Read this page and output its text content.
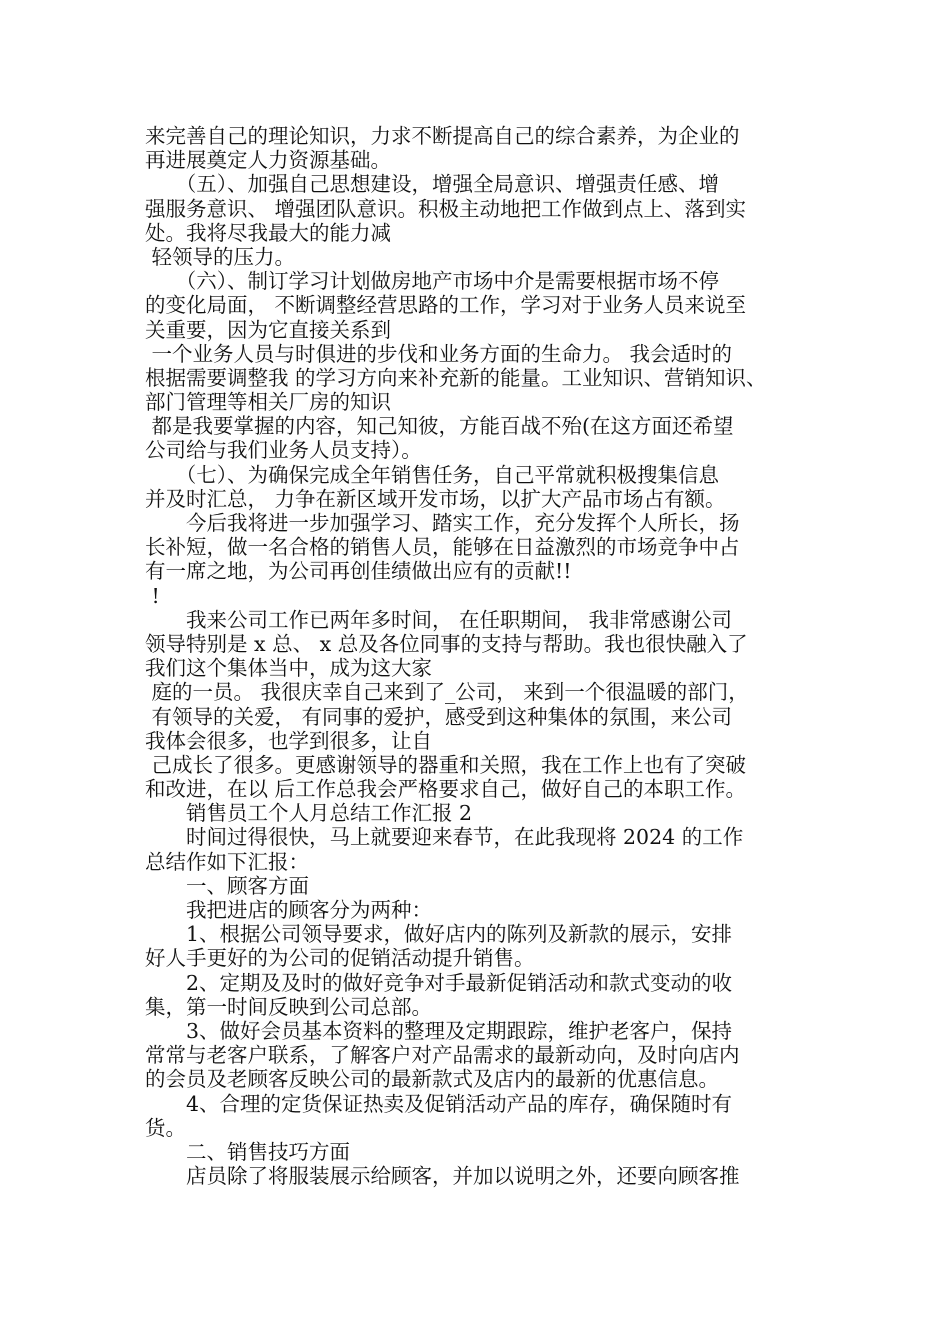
来完善自己的理论知识，力求不断提高自己的综合素养，为企业的
再进展奠定人力资源基础。
　　（五）、加强自己思想建设，增强全局意识、增强责任感、增
强服务意识、 增强团队意识。积极主动地把工作做到点上、落到实
处。我将尽我最大的能力减
轻领导的压力。
　　（六）、制订学习计划做房地产市场中介是需要根据市场不停
的变化局面， 不断调整经营思路的工作，学习对于业务人员来说至
关重要，因为它直接关系到
一个业务人员与时俱进的步伐和业务方面的生命力。 我会适时的
根据需要调整我 的学习方向来补充新的能量。工业知识、营销知识、
部门管理等相关厂房的知识
都是我要掌握的内容，知己知彼，方能百战不殆(在这方面还希望
公司给与我们业务人员支持）。
　　（七）、为确保完成全年销售任务，自己平常就积极搜集信息
并及时汇总， 力争在新区域开发市场，以扩大产品市场占有额。
　　今后我将进一步加强学习、踏实工作，充分发挥个人所长，扬
长补短，做一名合格的销售人员，能够在日益激烈的市场竞争中占
有一席之地，为公司再创佳绩做出应有的贡献!!
!
　　我来公司工作已两年多时间， 在任职期间， 我非常感谢公司
领导特别是 x 总、 x 总及各位同事的支持与帮助。我也很快融入了
我们这个集体当中，成为这大家
庭的一员。 我很庆幸自己来到了_公司， 来到一个很温暖的部门，
有领导的关爱， 有同事的爱护，感受到这种集体的氛围，来公司
我体会很多，也学到很多，让自
己成长了很多。更感谢领导的器重和关照，我在工作上也有了突破
和改进，在以 后工作总我会严格要求自己，做好自己的本职工作。
　　销售员工个人月总结工作汇报 2
　　时间过得很快，马上就要迎来春节，在此我现将 2024 的工作
总结作如下汇报：
　　一、顾客方面
　　我把进店的顾客分为两种：
　　1、根据公司领导要求，做好店内的陈列及新款的展示，安排
好人手更好的为公司的促销活动提升销售。
　　2、定期及及时的做好竞争对手最新促销活动和款式变动的收
集，第一时间反映到公司总部。
　　3、做好会员基本资料的整理及定期跟踪，维护老客户，保持
常常与老客户联系，了解客户对产品需求的最新动向，及时向店内
的会员及老顾客反映公司的最新款式及店内的最新的优惠信息。
　　4、合理的定货保证热卖及促销活动产品的库存，确保随时有
货。
　　二、销售技巧方面
　　店员除了将服装展示给顾客，并加以说明之外，还要向顾客推
